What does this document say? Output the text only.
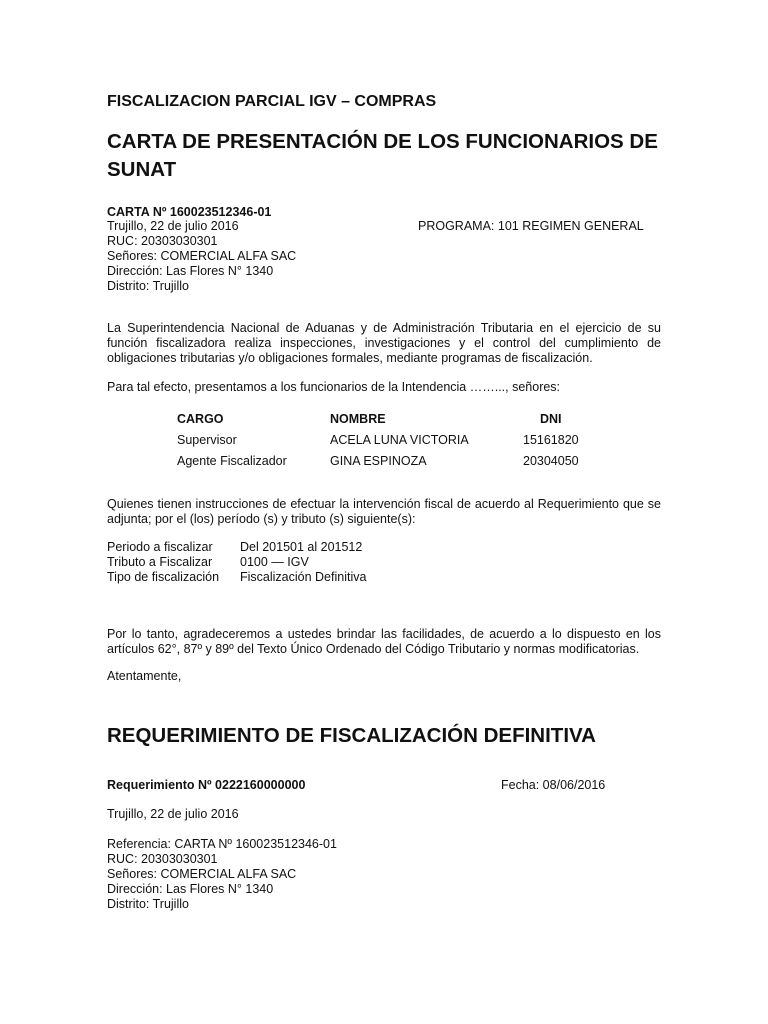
FISCALIZACION PARCIAL IGV – COMPRAS
CARTA DE PRESENTACIÓN DE LOS FUNCIONARIOS DE SUNAT
CARTA Nº 160023512346-01
Trujillo, 22 de julio 2016	PROGRAMA: 101 REGIMEN GENERAL
RUC: 20303030301
Señores: COMERCIAL ALFA SAC
Dirección: Las Flores N° 1340
Distrito: Trujillo
La Superintendencia Nacional de Aduanas y de Administración Tributaria en el ejercicio de su función fiscalizadora realiza inspecciones, investigaciones y el control del cumplimiento de obligaciones tributarias y/o obligaciones formales, mediante programas de fiscalización.
Para tal efecto, presentamos a los funcionarios de la Intendencia ……..., señores:
CARGO	NOMBRE	DNI
Supervisor	ACELA LUNA VICTORIA	15161820
Agente Fiscalizador	GINA ESPINOZA	20304050
Quienes tienen instrucciones de efectuar la intervención fiscal de acuerdo al Requerimiento que se adjunta; por el (los) período (s) y tributo (s) siguiente(s):
Periodo a fiscalizar Del 201501 al 201512
Tributo a Fiscalizar 0100 — IGV
Tipo de fiscalización Fiscalización Definitiva
Por lo tanto, agradeceremos a ustedes brindar las facilidades, de acuerdo a lo dispuesto en los artículos 62°, 87º y 89º del Texto Único Ordenado del Código Tributario y normas modificatorias.
Atentamente,
REQUERIMIENTO DE FISCALIZACIÓN DEFINITIVA
Requerimiento Nº 0222160000000	Fecha: 08/06/2016
Trujillo, 22 de julio 2016
Referencia: CARTA Nº 160023512346-01
RUC: 20303030301
Señores: COMERCIAL ALFA SAC
Dirección: Las Flores N° 1340
Distrito: Trujillo
